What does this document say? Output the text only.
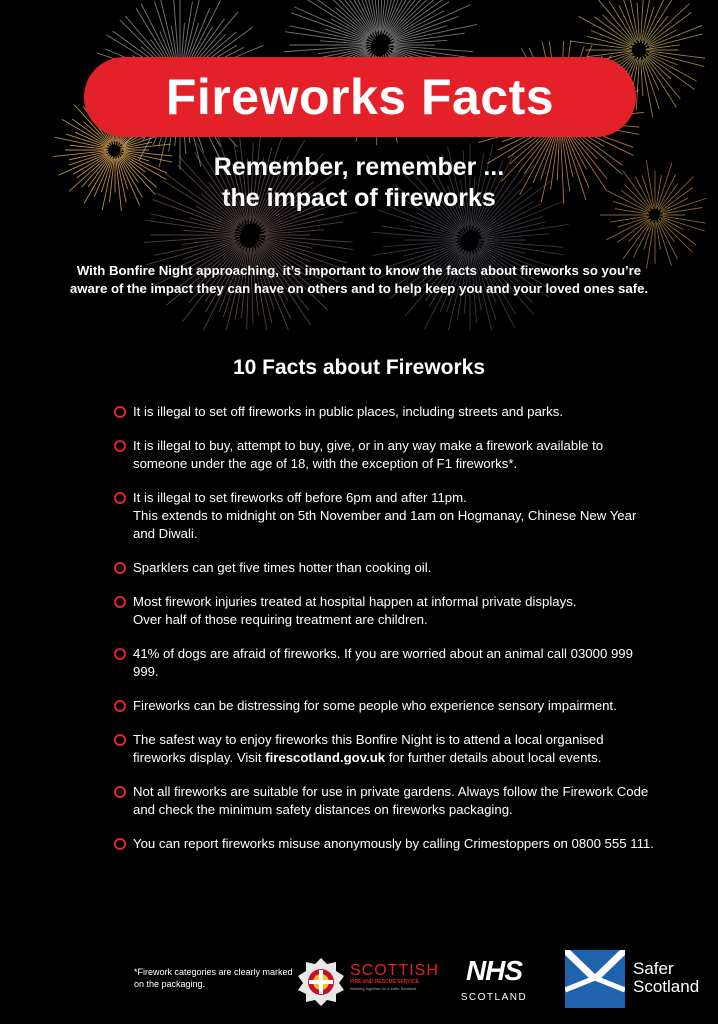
Fireworks Facts
Remember, remember ...
the impact of fireworks
With Bonfire Night approaching, it’s important to know the facts about fireworks so you’re aware of the impact they can have on others and to help keep you and your loved ones safe.
10 Facts about Fireworks
It is illegal to set off fireworks in public places, including streets and parks.
It is illegal to buy, attempt to buy, give, or in any way make a firework available to someone under the age of 18, with the exception of F1 fireworks*.
It is illegal to set fireworks off before 6pm and after 11pm.
This extends to midnight on 5th November and 1am on Hogmanay, Chinese New Year and Diwali.
Sparklers can get five times hotter than cooking oil.
Most firework injuries treated at hospital happen at informal private displays.
Over half of those requiring treatment are children.
41% of dogs are afraid of fireworks. If you are worried about an animal call 03000 999 999.
Fireworks can be distressing for some people who experience sensory impairment.
The safest way to enjoy fireworks this Bonfire Night is to attend a local organised fireworks display. Visit firescotland.gov.uk for further details about local events.
Not all fireworks are suitable for use in private gardens. Always follow the Firework Code and check the minimum safety distances on fireworks packaging.
You can report fireworks misuse anonymously by calling Crimestoppers on 0800 555 111.
*Firework categories are clearly marked on the packaging.
SCOTTISH
FIRE AND RESCUE SERVICE
Working together for a safer Scotland
NHS
SCOTLAND
Safer
Scotland
